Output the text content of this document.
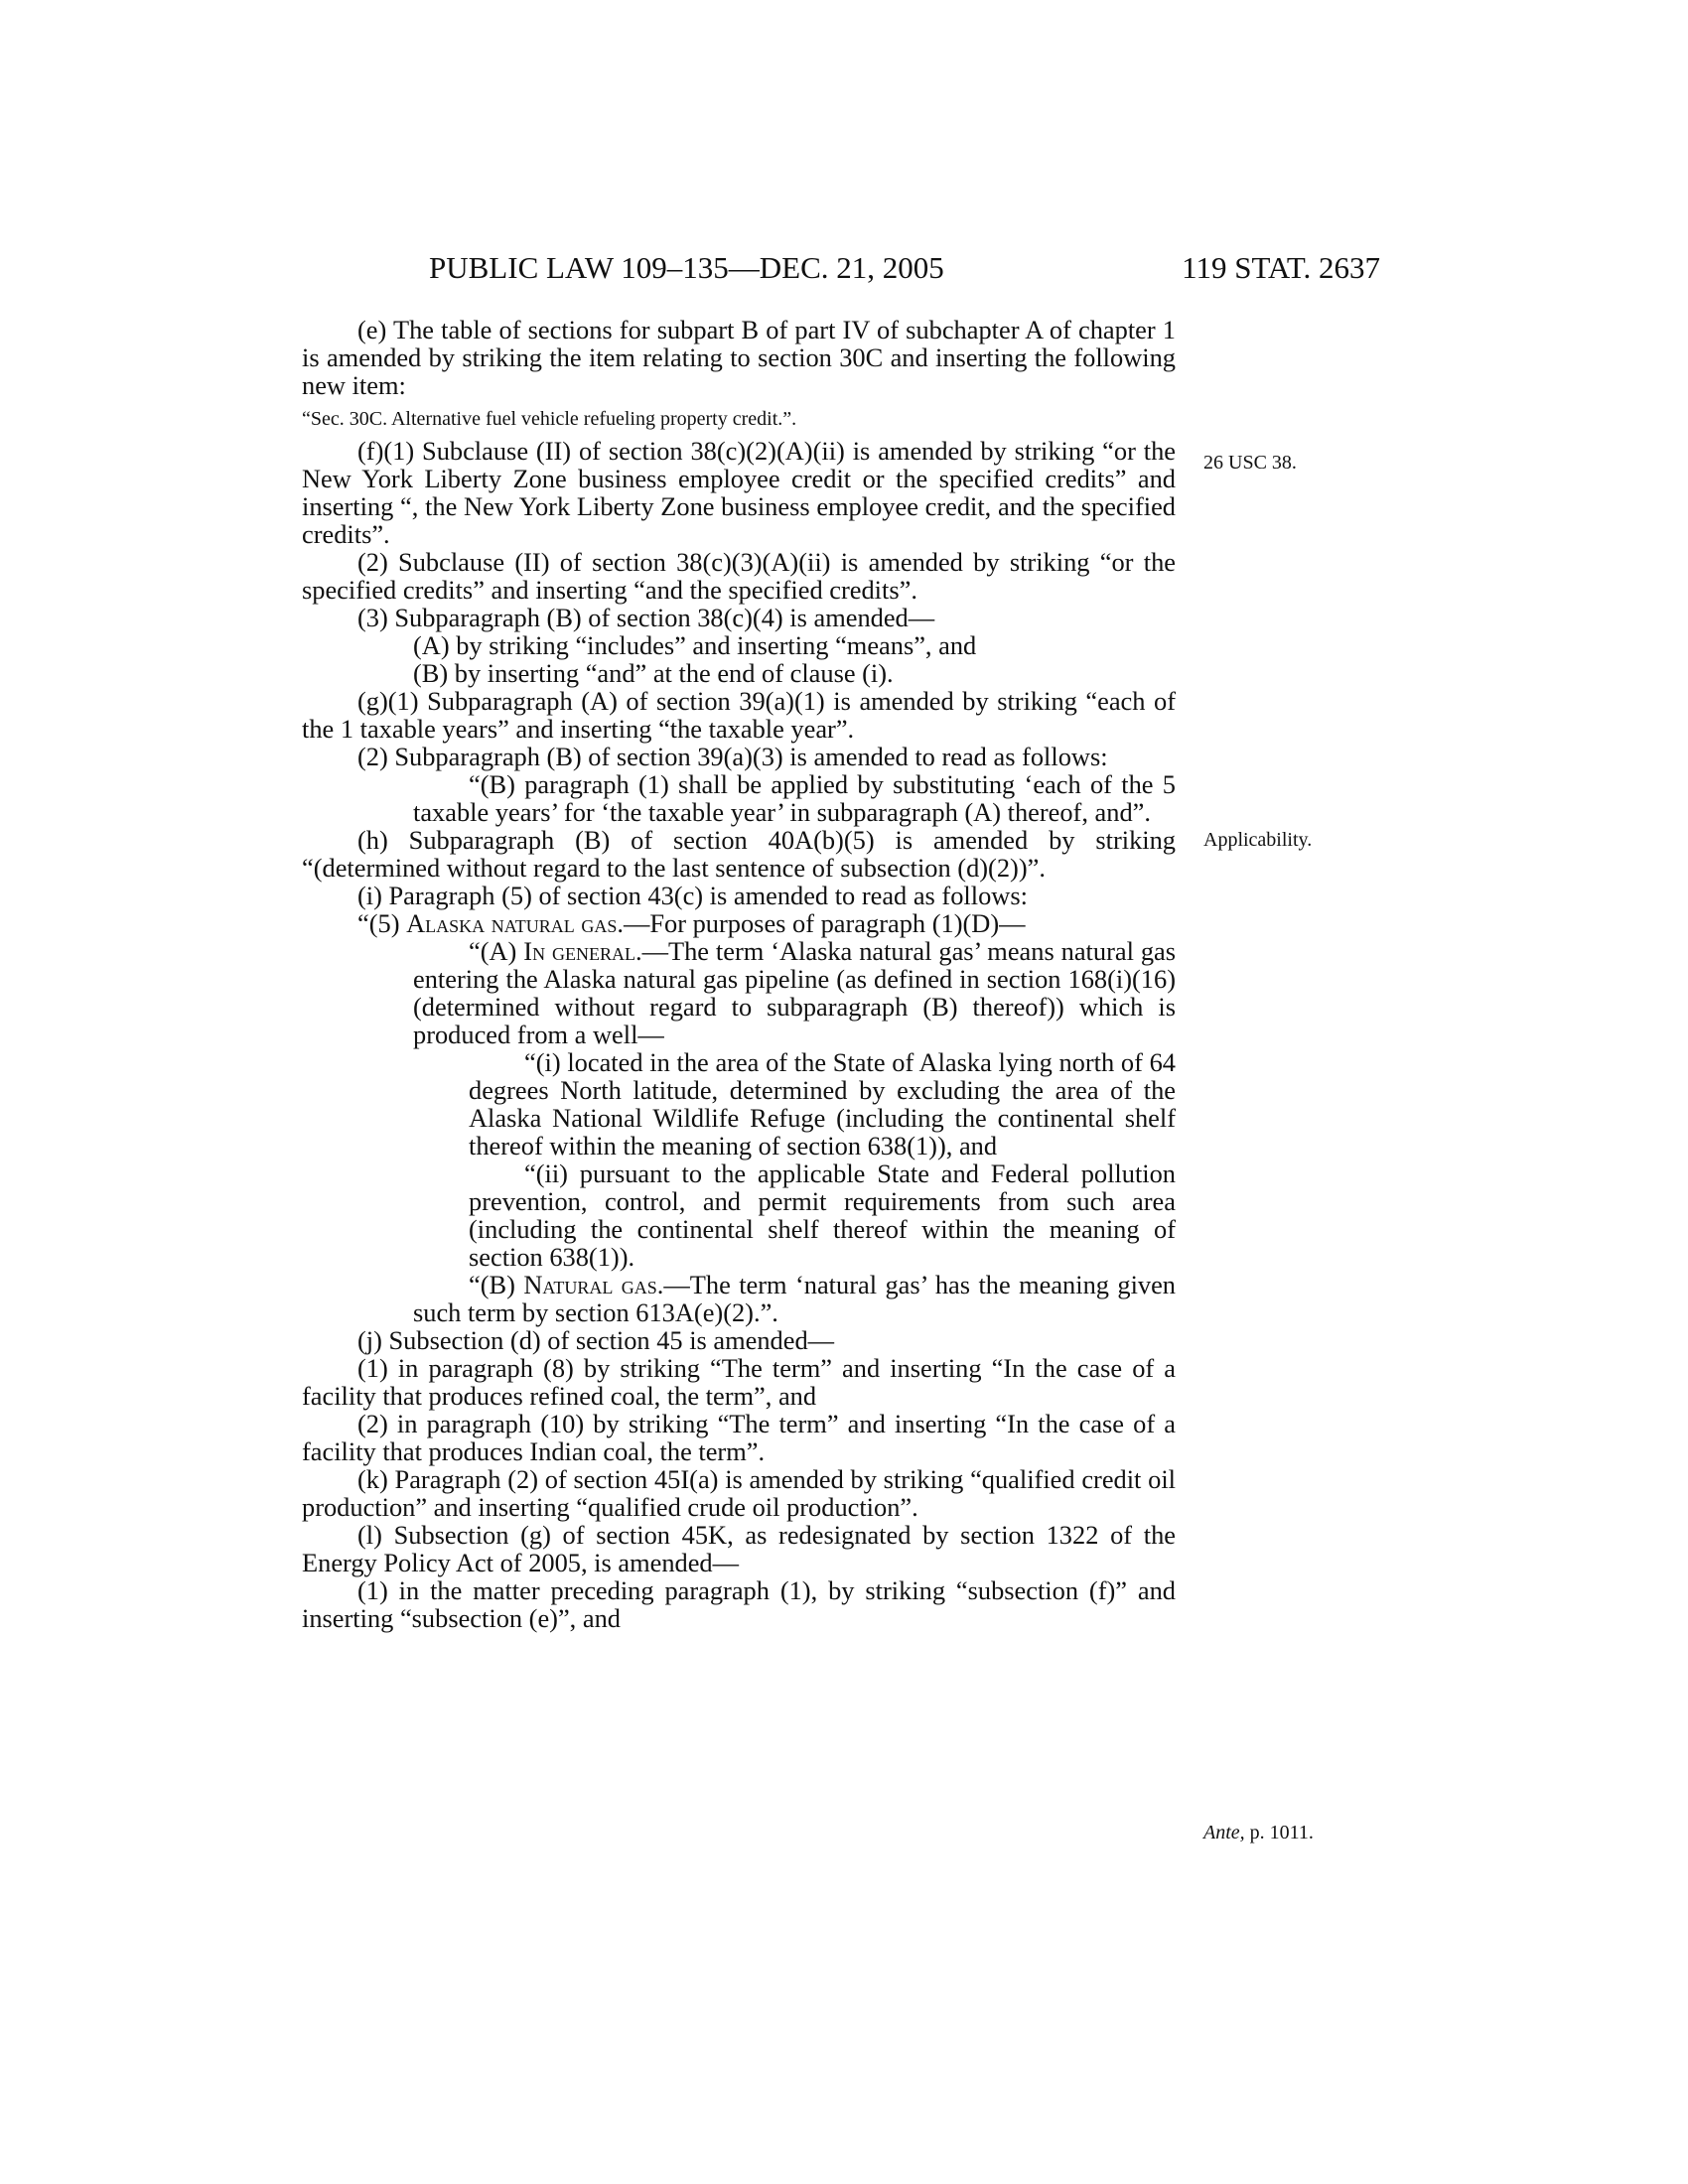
PUBLIC LAW 109–135—DEC. 21, 2005	119 STAT. 2637

(e) The table of sections for subpart B of part IV of subchapter A of chapter 1 is amended by striking the item relating to section 30C and inserting the following new item:

“Sec. 30C. Alternative fuel vehicle refueling property credit.”.

(f)(1) Subclause (II) of section 38(c)(2)(A)(ii) is amended by striking “or the New York Liberty Zone business employee credit or the specified credits” and inserting “, the New York Liberty Zone business employee credit, and the specified credits”.

(2) Subclause (II) of section 38(c)(3)(A)(ii) is amended by striking “or the specified credits” and inserting “and the specified credits”.

(3) Subparagraph (B) of section 38(c)(4) is amended—

(A) by striking “includes” and inserting “means”, and

(B) by inserting “and” at the end of clause (i).

(g)(1) Subparagraph (A) of section 39(a)(1) is amended by striking “each of the 1 taxable years” and inserting “the taxable year”.

(2) Subparagraph (B) of section 39(a)(3) is amended to read as follows:

“(B) paragraph (1) shall be applied by substituting ‘each of the 5 taxable years’ for ‘the taxable year’ in subparagraph (A) thereof, and”.

(h) Subparagraph (B) of section 40A(b)(5) is amended by striking “(determined without regard to the last sentence of subsection (d)(2))”.

(i) Paragraph (5) of section 43(c) is amended to read as follows:

“(5) Alaska natural gas.—For purposes of paragraph (1)(D)—

“(A) In general.—The term ‘Alaska natural gas’ means natural gas entering the Alaska natural gas pipeline (as defined in section 168(i)(16) (determined without regard to subparagraph (B) thereof)) which is produced from a well—

“(i) located in the area of the State of Alaska lying north of 64 degrees North latitude, determined by excluding the area of the Alaska National Wildlife Refuge (including the continental shelf thereof within the meaning of section 638(1)), and

“(ii) pursuant to the applicable State and Federal pollution prevention, control, and permit requirements from such area (including the continental shelf thereof within the meaning of section 638(1)).

“(B) Natural gas.—The term ‘natural gas’ has the meaning given such term by section 613A(e)(2).”.

(j) Subsection (d) of section 45 is amended—

(1) in paragraph (8) by striking “The term” and inserting “In the case of a facility that produces refined coal, the term”, and

(2) in paragraph (10) by striking “The term” and inserting “In the case of a facility that produces Indian coal, the term”.

(k) Paragraph (2) of section 45I(a) is amended by striking “qualified credit oil production” and inserting “qualified crude oil production”.

(l) Subsection (g) of section 45K, as redesignated by section 1322 of the Energy Policy Act of 2005, is amended—

(1) in the matter preceding paragraph (1), by striking “subsection (f)” and inserting “subsection (e)”, and

26 USC 38.
Applicability.
Ante, p. 1011.
